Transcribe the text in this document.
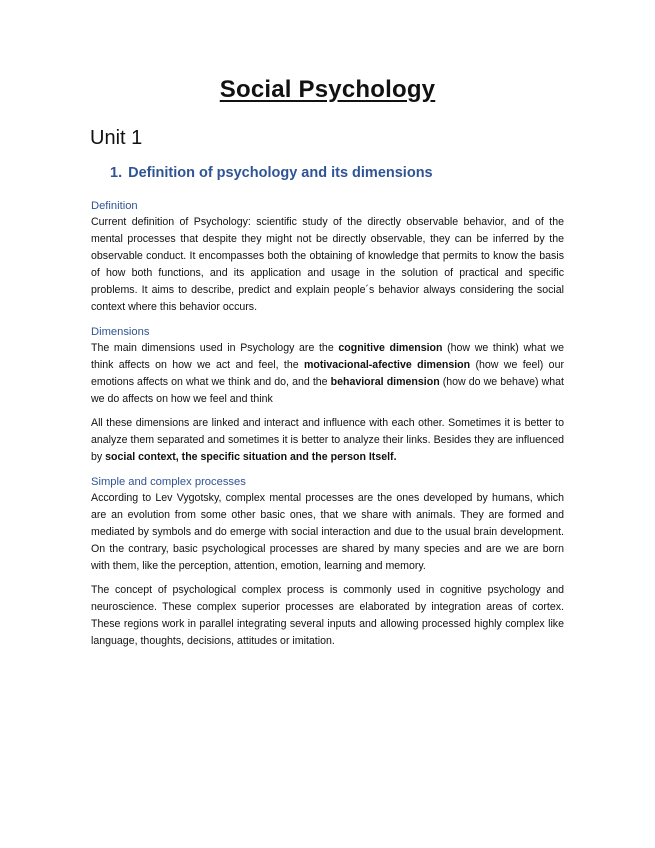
Social Psychology
Unit 1
1. Definition of psychology and its dimensions

Definition

Current definition of Psychology: scientific study of the directly observable behavior, and of the mental processes that despite they might not be directly observable, they can be inferred by the observable conduct. It encompasses both the obtaining of knowledge that permits to know the basis of how both functions, and its application and usage in the solution of practical and specific problems. It aims to describe, predict and explain people´s behavior always considering the social context where this behavior occurs.

Dimensions

The main dimensions used in Psychology are the cognitive dimension (how we think) what we think affects on how we act and feel, the motivacional-afective dimension (how we feel) our emotions affects on what we think and do, and the behavioral dimension (how do we behave) what we do affects on how we feel and think

All these dimensions are linked and interact and influence with each other. Sometimes it is better to analyze them separated and sometimes it is better to analyze their links. Besides they are influenced by social context, the specific situation and the person Itself.

Simple and complex processes

According to Lev Vygotsky, complex mental processes are the ones developed by humans, which are an evolution from some other basic ones, that we share with animals. They are formed and mediated by symbols and do emerge with social interaction and due to the usual brain development. On the contrary, basic psychological processes are shared by many species and are we are born with them, like the perception, attention, emotion, learning and memory.

The concept of psychological complex process is commonly used in cognitive psychology and neuroscience. These complex superior processes are elaborated by integration areas of cortex. These regions work in parallel integrating several inputs and allowing processed highly complex like language, thoughts, decisions, attitudes or imitation.
